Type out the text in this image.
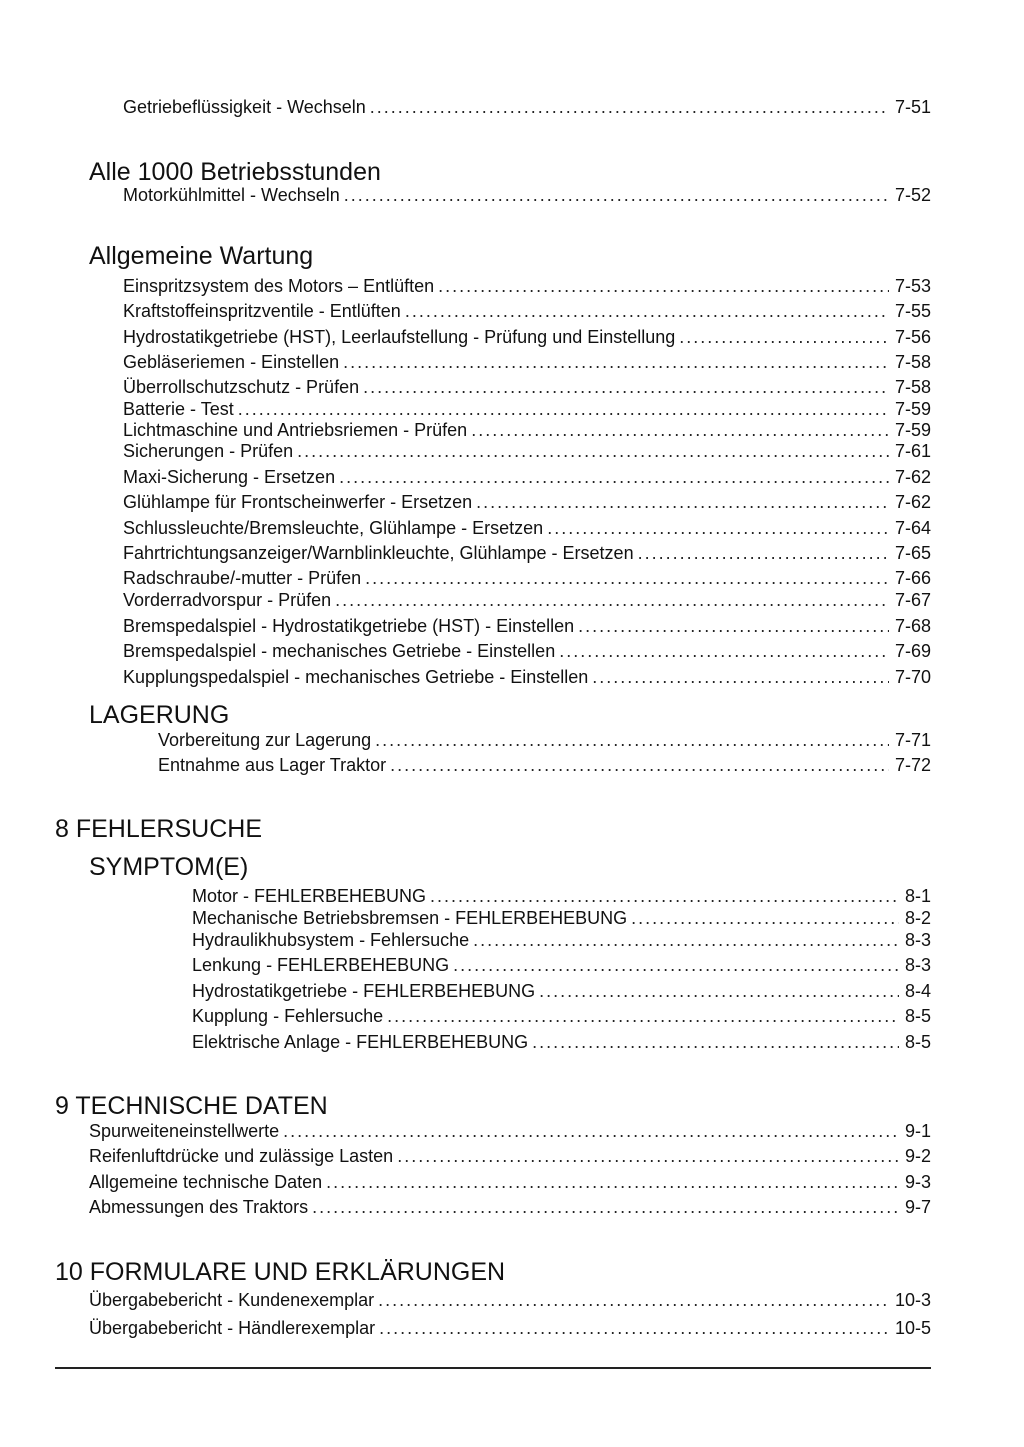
Getriebeflüssigkeit - Wechseln .....	7-51
Alle 1000 Betriebsstunden
Motorkühlmittel - Wechseln .....	7-52
Allgemeine Wartung
Einspritzsystem des Motors – Entlüften .....	7-53
Kraftstoffeinspritzventile - Entlüften .....	7-55
Hydrostatikgetriebe (HST), Leerlaufstellung - Prüfung und Einstellung .....	7-56
Gebläseriemen - Einstellen .....	7-58
Überrollschutzschutz - Prüfen .....	7-58
Batterie - Test .....	7-59
Lichtmaschine und Antriebsriemen - Prüfen .....	7-59
Sicherungen - Prüfen .....	7-61
Maxi-Sicherung - Ersetzen .....	7-62
Glühlampe für Frontscheinwerfer - Ersetzen .....	7-62
Schlussleuchte/Bremsleuchte, Glühlampe - Ersetzen .....	7-64
Fahrtrichtungsanzeiger/Warnblinkleuchte, Glühlampe - Ersetzen .....	7-65
Radschraube/-mutter - Prüfen .....	7-66
Vorderradvorspur - Prüfen .....	7-67
Bremspedalspiel - Hydrostatikgetriebe (HST) - Einstellen .....	7-68
Bremspedalspiel - mechanisches Getriebe - Einstellen .....	7-69
Kupplungspedalspiel - mechanisches Getriebe - Einstellen .....	7-70
LAGERUNG
Vorbereitung zur Lagerung .....	7-71
Entnahme aus Lager Traktor .....	7-72
8 FEHLERSUCHE
SYMPTOM(E)
Motor - FEHLERBEHEBUNG .....	8-1
Mechanische Betriebsbremsen - FEHLERBEHEBUNG .....	8-2
Hydraulikhubsystem - Fehlersuche .....	8-3
Lenkung - FEHLERBEHEBUNG .....	8-3
Hydrostatikgetriebe - FEHLERBEHEBUNG .....	8-4
Kupplung - Fehlersuche .....	8-5
Elektrische Anlage - FEHLERBEHEBUNG .....	8-5
9 TECHNISCHE DATEN
Spurweiteneinstellwerte .....	9-1
Reifenluftdrücke und zulässige Lasten .....	9-2
Allgemeine technische Daten .....	9-3
Abmessungen des Traktors .....	9-7
10 FORMULARE UND ERKLÄRUNGEN
Übergabebericht - Kundenexemplar .....	10-3
Übergabebericht - Händlerexemplar .....	10-5
